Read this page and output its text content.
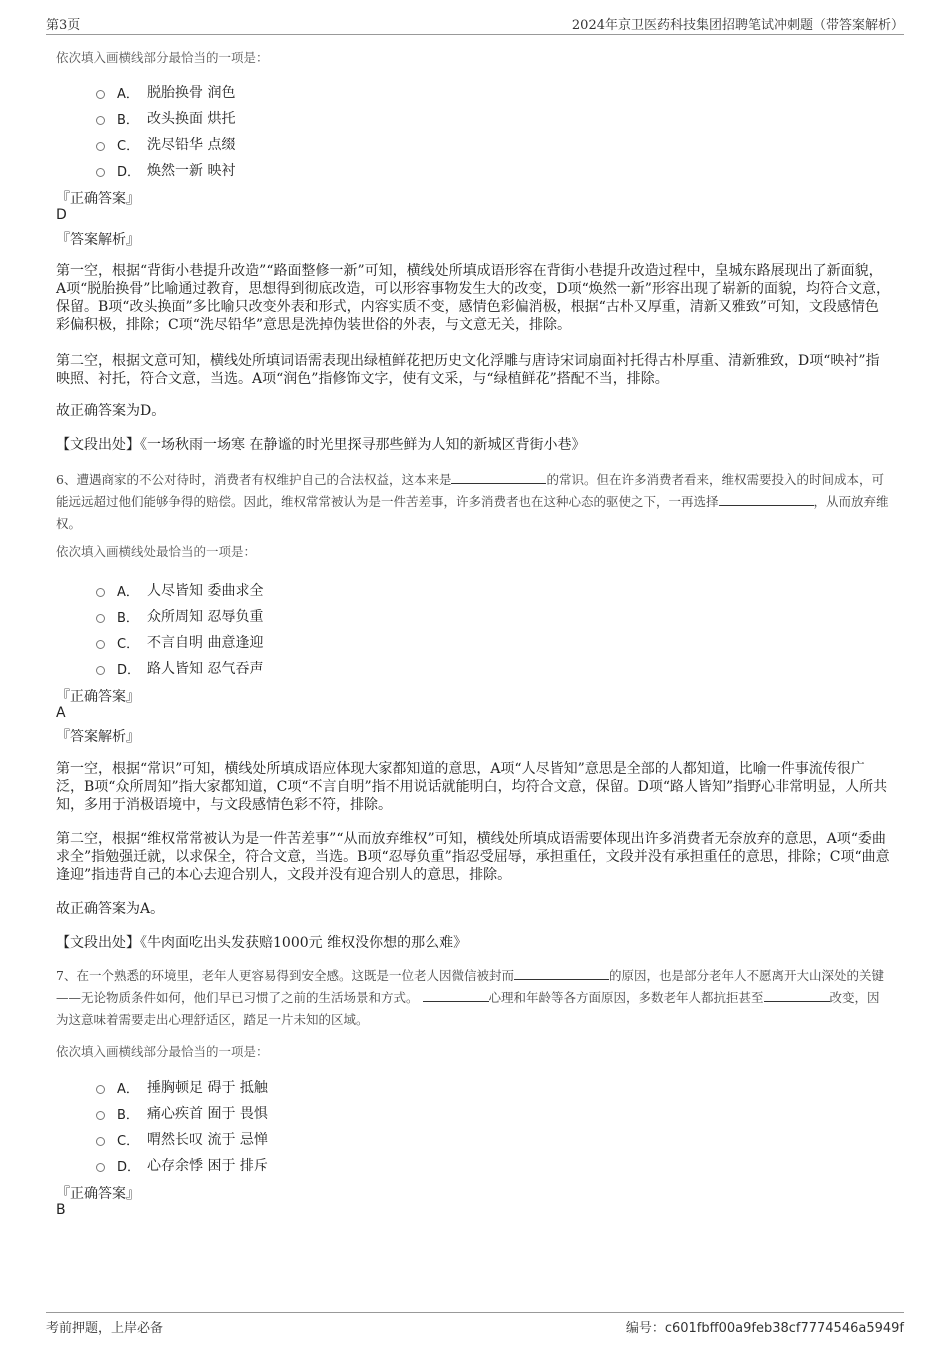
第3页	2024年京卫医药科技集团招聘笔试冲刺题（带答案解析）
依次填入画横线部分最恰当的一项是：
A． 脱胎换骨 润色
B． 改头换面 烘托
C． 洗尽铅华 点缀
D． 焕然一新 映衬
『正确答案』
D
『答案解析』
第一空，根据“背街小巷提升改造”“路面整修一新”可知，横线处所填成语形容在背街小巷提升改造过程中，皇城东路展现出了新面貌，A项“脱胎换骨”比喻通过教育，思想得到彻底改造，可以形容事物发生大的改变，D项“焕然一新”形容出现了崭新的面貌，均符合文意，保留。B项“改头换面”多比喻只改变外表和形式，内容实质不变，感情色彩偏消极，根据“古朴又厚重，清新又雅致”可知，文段感情色彩偏积极，排除；C项“洗尽铅华”意思是洗掉伪装世俗的外表，与文意无关，排除。
第二空，根据文意可知，横线处所填词语需表现出绿植鲜花把历史文化浮雕与唐诗宋词扇面衬托得古朴厚重、清新雅致，D项“映衬”指映照、衬托，符合文意，当选。A项“润色”指修饰文字，使有文采，与“绿植鲜花”搭配不当，排除。
故正确答案为D。
【文段出处】《一场秋雨一场寒 在静谧的时光里探寻那些鲜为人知的新城区背街小巷》
6、遭遇商家的不公对待时，消费者有权维护自己的合法权益，这本来是	的常识。但在许多消费者看来，维权需要投入的时间成本，可能远远超过他们能够争得的赔偿。因此，维权常常被认为是一件苦差事，许多消费者也在这种心态的驱使之下，一再选择	，从而放弃维权。
依次填入画横线处最恰当的一项是：
A． 人尽皆知 委曲求全
B． 众所周知 忍辱负重
C． 不言自明 曲意逢迎
D． 路人皆知 忍气吞声
『正确答案』
A
『答案解析』
第一空，根据“常识”可知，横线处所填成语应体现大家都知道的意思，A项“人尽皆知”意思是全部的人都知道，比喻一件事流传很广泛，B项“众所周知”指大家都知道，C项“不言自明”指不用说话就能明白，均符合文意，保留。D项“路人皆知”指野心非常明显，人所共知，多用于消极语境中，与文段感情色彩不符，排除。
第二空，根据“维权常常被认为是一件苦差事”“从而放弃维权”可知，横线处所填成语需要体现出许多消费者无奈放弃的意思，A项“委曲求全”指勉强迁就，以求保全，符合文意，当选。B项“忍辱负重”指忍受屈辱，承担重任，文段并没有承担重任的意思，排除；C项“曲意逢迎”指违背自己的本心去迎合别人，文段并没有迎合别人的意思，排除。
故正确答案为A。
【文段出处】《牛肉面吃出头发获赔1000元 维权没你想的那么难》
7、在一个熟悉的环境里，老年人更容易得到安全感。这既是一位老人因微信被封而	的原因，也是部分老年人不愿离开大山深处的关键——无论物质条件如何，他们早已习惯了之前的生活场景和方式。	心理和年龄等各方面原因，多数老年人都抗拒甚至	改变，因为这意味着需要走出心理舒适区，踏足一片未知的区域。
依次填入画横线部分最恰当的一项是：
A． 捶胸顿足 碍于 抵触
B． 痛心疾首 囿于 畏惧
C． 喟然长叹 流于 忌惮
D． 心存余悸 困于 排斥
『正确答案』
B
考前押题，上岸必备	编号：c601fbff00a9feb38cf7774546a5949f
